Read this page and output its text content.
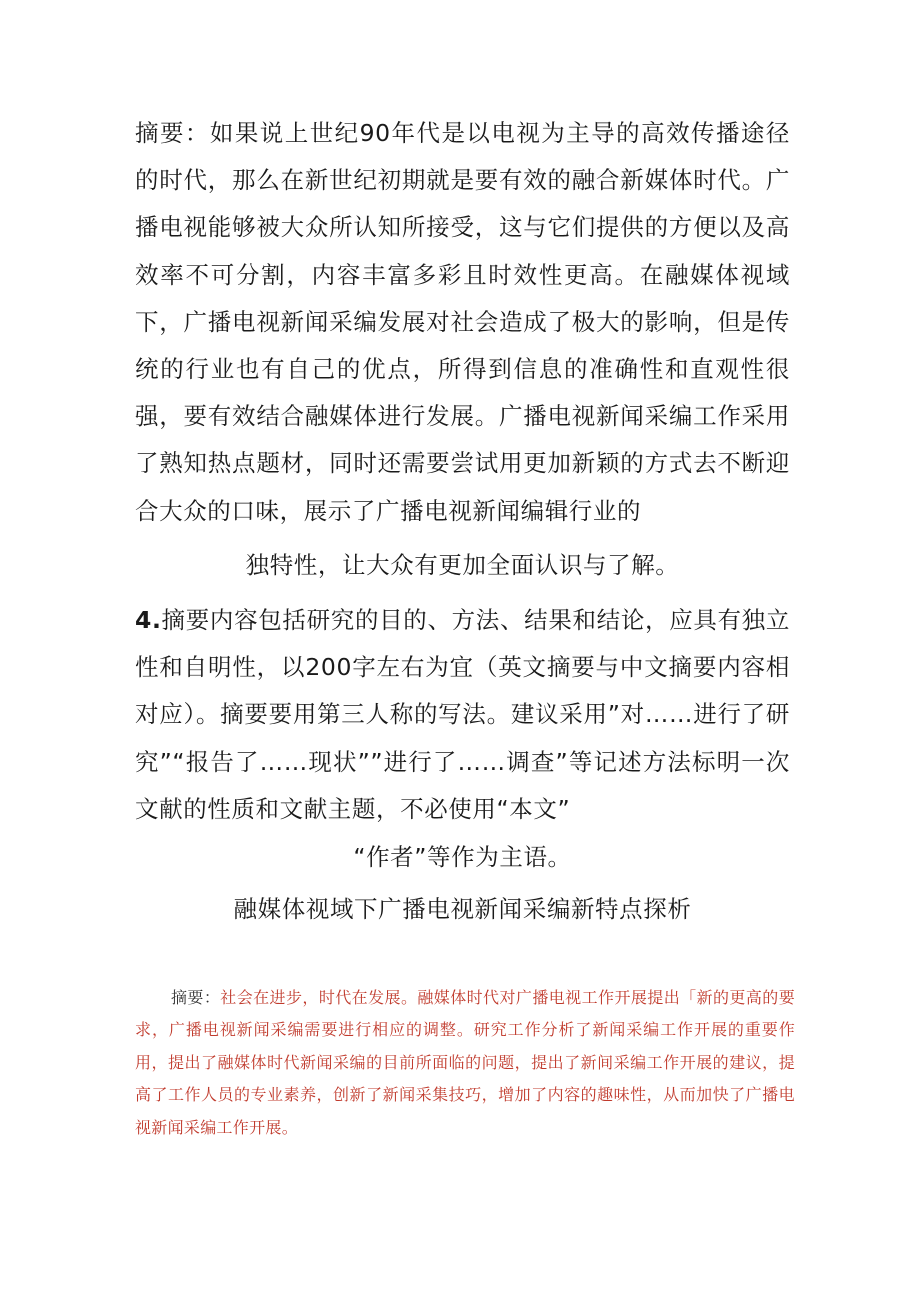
摘要：如果说上世纪90年代是以电视为主导的高效传播途径的时代，那么在新世纪初期就是要有效的融合新媒体时代。广播电视能够被大众所认知所接受，这与它们提供的方便以及高效率不可分割，内容丰富多彩且时效性更高。在融媒体视域下，广播电视新闻采编发展对社会造成了极大的影响，但是传统的行业也有自己的优点，所得到信息的准确性和直观性很强，要有效结合融媒体进行发展。广播电视新闻采编工作采用了熟知热点题材，同时还需要尝试用更加新颖的方式去不断迎合大众的口味，展示了广播电视新闻编辑行业的

独特性，让大众有更加全面认识与了解。

4.摘要内容包括研究的目的、方法、结果和结论，应具有独立性和自明性，以200字左右为宜（英文摘要与中文摘要内容相对应）。摘要要用第三人称的写法。建议采用”对……进行了研究”“报告了……现状””进行了……调查”等记述方法标明一次文献的性质和文献主题，不必使用“本文”

“作者”等作为主语。

融媒体视域下广播电视新闻采编新特点探析

摘要：社会在进步，时代在发展。融媒体时代对广播电视工作开展提出「新的更高的要求，广播电视新闻采编需要进行相应的调整。研究工作分析了新闻采编工作开展的重要作用，提出了融媒体时代新闻采编的目前所面临的问题，提出了新间采编工作开展的建议，提高了工作人员的专业素养，创新了新闻采集技巧，增加了内容的趣味性，从而加快了广播电视新闻采编工作开展。
